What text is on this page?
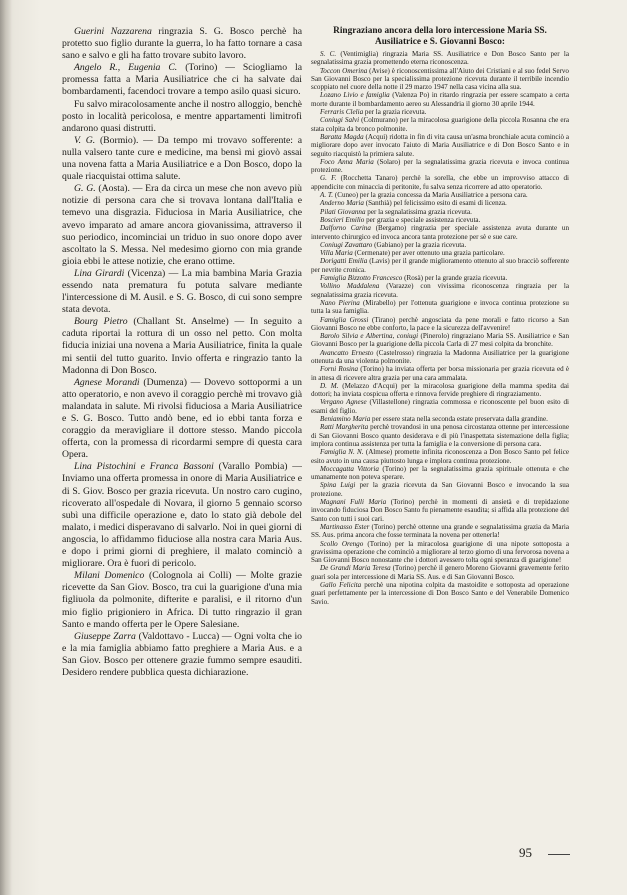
Guerini Nazzarena ringrazia S. G. Bosco perchè ha protetto suo figlio durante la guerra, lo ha fatto tornare a casa sano e salvo e gli ha fatto trovare subito lavoro.

Angelo R., Eugenia C. (Torino) — Sciogliamo la promessa fatta a Maria Ausiliatrice che ci ha salvate dai bombardamenti, facendoci trovare a tempo asilo quasi sicuro.

Fu salvo miracolosamente anche il nostro alloggio, benchè posto in località pericolosa, e mentre appartamenti limitrofi andarono quasi distrutti.

V. G. (Bormio). — Da tempo mi trovavo sofferente: a nulla valsero tante cure e medicine, ma bensì mi giovò assai una novena fatta a Maria Ausiliatrice e a Don Bosco, dopo la quale riacquistai ottima salute.

G. G. (Aosta). — Era da circa un mese che non avevo più notizie di persona cara che si trovava lontana dall'Italia e temevo una disgrazia. Fiduciosa in Maria Ausiliatrice, che avevo imparato ad amare ancora giovanissima, attraverso il suo periodico, incominciai un triduo in suo onore dopo aver ascoltato la S. Messa. Nel medesimo giorno con mia grande gioia ebbi le attese notizie, che erano ottime.

Lina Girardi (Vicenza) — La mia bambina Maria Grazia essendo nata prematura fu potuta salvare mediante l'intercessione di M. Ausil. e S. G. Bosco, di cui sono sempre stata devota.

Bourg Pietro (Challant St. Anselme) — In seguito a caduta riportai la rottura di un osso nel petto. Con molta fiducia iniziai una novena a Maria Ausiliatrice, finita la quale mi sentii del tutto guarito. Invio offerta e ringrazio tanto la Madonna di Don Bosco.

Agnese Morandi (Dumenza) — Dovevo sottopormi a un atto operatorio, e non avevo il coraggio perchè mi trovavo già malandata in salute. Mi rivolsi fiduciosa a Maria Ausiliatrice e S. G. Bosco. Tutto andò bene, ed io ebbi tanta forza e coraggio da meravigliare il dottore stesso. Mando piccola offerta, con la promessa di ricordarmi sempre di questa cara Opera.

Lina Pistochini e Franca Bassoni (Varallo Pombia) — Inviamo una offerta promessa in onore di Maria Ausiliatrice e di S. Giov. Bosco per grazia ricevuta. Un nostro caro cugino, ricoverato all'ospedale di Novara, il giorno 5 gennaio scorso subì una difficile operazione e, dato lo stato già debole del malato, i medici disperavano di salvarlo. Noi in quei giorni di angoscia, lo affidammo fiduciose alla nostra cara Maria Aus. e dopo i primi giorni di preghiere, il malato cominciò a migliorare. Ora è fuori di pericolo.

Milani Domenico (Colognola ai Colli) — Molte grazie ricevette da San Giov. Bosco, tra cui la guarigione d'una mia figliuola da polmonite, difterite e paralisi, e il ritorno d'un mio figlio prigioniero in Africa. Di tutto ringrazio il gran Santo e mando offerta per le Opere Salesiane.

Giuseppe Zarra (Valdottavo - Lucca) — Ogni volta che io e la mia famiglia abbiamo fatto preghiere a Maria Aus. e a San Giov. Bosco per ottenere grazie fummo sempre esauditi. Desidero rendere pubblica questa dichiarazione.

Ringraziano ancora della loro intercessione Maria SS. Ausiliatrice e S. Giovanni Bosco:

S. C. (Ventimiglia) ringrazia Maria SS. Ausiliatrice e Don Bosco Santo per la segnalatissima grazia promettendo eterna riconoscenza.

Toccon Omerina (Avise) è riconoscentissima all'Aiuto dei Cristiani e al suo fedel Servo San Giovanni Bosco per la specialissima protezione ricevuta durante il terribile incendio scoppiato nel cuore della notte il 29 marzo 1947 nella casa vicina alla sua.

Lozano Livio e famiglia (Valenza Po) in ritardo ringrazia per essere scampato a certa morte durante il bombardamento aereo su Alessandria il giorno 30 aprile 1944.

Ferraris Clelia per la grazia ricevuta.

Coniugi Salvi (Colmurano) per la miracolosa guarigione della piccola Rosanna che era stata colpita da bronco polmonite.

Baratta Magda (Acqui) ridotta in fin di vita causa un'asma bronchiale acuta cominciò a migliorare dopo aver invocato l'aiuto di Maria Ausiliatrice e di Don Bosco Santo e in seguito riacquistò la primiera salute.

Foco Anna Maria (Solaro) per la segnalatissima grazia ricevuta e invoca continua protezione.

G. F. (Rocchetta Tanaro) perchè la sorella, che ebbe un improvviso attacco di appendicite con minaccia di peritonite, fu salva senza ricorrere ad atto operatorio.

A. T. (Cuneo) per la grazia concessa da Maria Ausiliatrice a persona cara.

Anderno Maria (Santhià) pel felicissimo esito di esami di licenza.

Pilati Giovanna per la segnalatissima grazia ricevuta.

Boscieri Emilio per grazia e speciale assistenza ricevuta.

Dalforno Carina (Bergamo) ringrazia per speciale assistenza avuta durante un intervento chirurgico ed invoca ancora tanta protezione per sè e sue care.

Coniugi Zavattaro (Gabiano) per la grazia ricevuta.

Villa Maria (Cermenate) per aver ottenuto una grazia particolare.

Dorigatti Emilia (Lavis) per il grande miglioramento ottenuto al suo bracciò sofferente per nevrite cronica.

Famiglia Bizzotto Francesco (Rosà) per la grande grazia ricevuta.

Vollino Maddalena (Varazze) con vivissima riconoscenza ringrazia per la segnalatissima grazia ricevuta.

Nano Pierina (Mirabello) per l'ottenuta guarigione e invoca continua protezione su tutta la sua famiglia.

Famiglia Grossi (Tirano) perchè angosciata da pene morali e fatto ricorso a San Giovanni Bosco ne ebbe conforto, la pace e la sicurezza dell'avvenire!

Barolo Silvia e Albertina, coniugi (Pinerolo) ringraziano Maria SS. Ausiliatrice e San Giovanni Bosco per la guarigione della piccola Carla di 27 mesi colpita da bronchite.

Avancatto Ernesto (Castelrosso) ringrazia la Madonna Ausiliatrice per la guarigione ottenuta da una violenta polmonite.

Forni Rosina (Torino) ha inviata offerta per borsa missionaria per grazia ricevuta ed è in attesa di ricevere altra grazia per una cara ammalata.

D. M. (Melazzo d'Acqui) per la miracolosa guarigione della mamma spedita dai dottori; ha inviata cospicua offerta e rinnova fervide preghiere di ringraziamento.

Vergano Agnese (Villastellone) ringrazia commossa e riconoscente pel buon esito di esami del figlio.

Beniamino Maria per essere stata nella seconda estate preservata dalla grandine.

Ratti Margherita perchè trovandosi in una penosa circostanza ottenne per intercessione di San Giovanni Bosco quanto desiderava e di più l'inaspettata sistemazione della figlia; implora continua assistenza per tutta la famiglia e la conversione di persona cara.

Famiglia N. N. (Almese) promette infinita riconoscenza a Don Bosco Santo pel felice esito avuto in una causa piuttosto lunga e implora continua protezione.

Moccagatta Vittoria (Torino) per la segnalatissima grazia spirituale ottenuta e che umanamente non poteva sperare.

Spina Luigi per la grazia ricevuta da San Giovanni Bosco e invocando la sua protezione.

Magnani Fulli Maria (Torino) perchè in momenti di ansietà e di trepidazione invocando fiduciosa Don Bosco Santo fu pienamente esaudita; si affida alla protezione del Santo con tutti i suoi cari.

Martinasso Ester (Torino) perchè ottenne una grande e segnalatissima grazia da Maria SS. Aus. prima ancora che fosse terminata la novena per ottenerla!

Scollo Orengo (Torino) per la miracolosa guarigione di una nipote sottoposta a gravissima operazione che cominciò a migliorare al terzo giorno di una fervorosa novena a San Giovanni Bosco nonostante che i dottori avessero tolta ogni speranza di guarigione!

De Grandi Maria Teresa (Torino) perchè il genero Moreno Giovanni gravemente ferito guarì sola per intercessione di Maria SS. Aus. e di San Giovanni Bosco.

Gallo Felicita perchè una nipotina colpita da mastoidite e sottoposta ad operazione guarì perfettamente per la intercessione di Don Bosco Santo e del Venerabile Domenico Savio.

95
